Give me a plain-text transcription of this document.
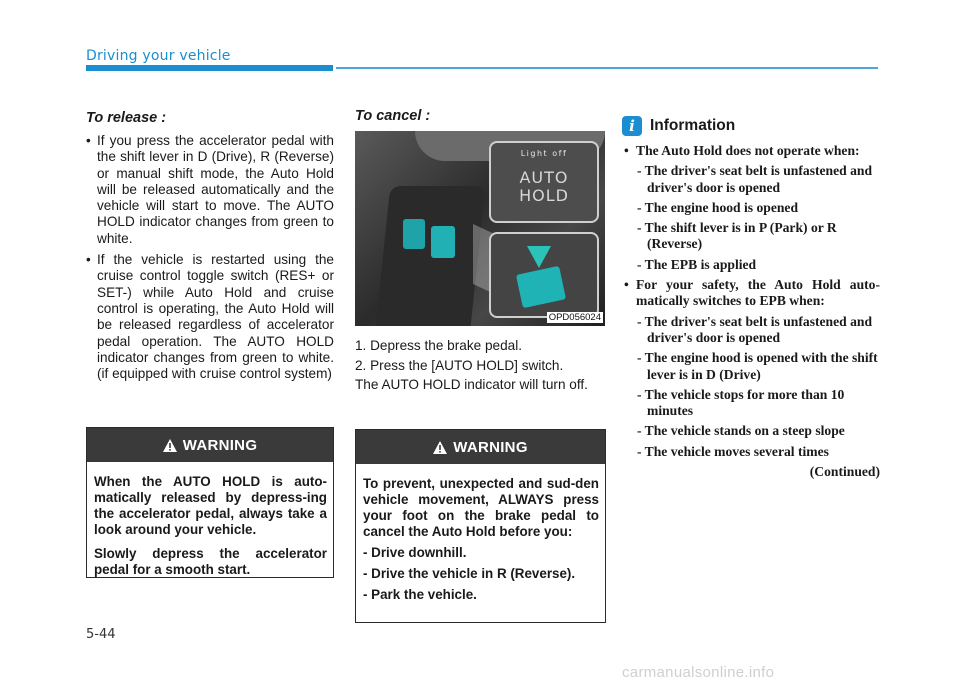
Driving your vehicle
To release :
• If you press the accelerator pedal with the shift lever in D (Drive), R (Reverse) or manual shift mode, the Auto Hold will be released automatically and the vehicle will start to move. The AUTO HOLD indicator changes from green to white.
• If the vehicle is restarted using the cruise control toggle switch (RES+ or SET-) while Auto Hold and cruise control is operating, the Auto Hold will be released regardless of accelerator pedal operation. The AUTO HOLD indicator changes from green to white. (if equipped with cruise control system)
WARNING

When the AUTO HOLD is auto-matically released by depress-ing the accelerator pedal, always take a look around your vehicle.

Slowly depress the accelerator pedal for a smooth start.

To cancel :
Light off
AUTO
HOLD
OPD056024
1. Depress the brake pedal.
2. Press the [AUTO HOLD] switch.
The AUTO HOLD indicator will turn off.
WARNING

To prevent, unexpected and sud-den vehicle movement, ALWAYS press your foot on the brake pedal to cancel the Auto Hold before you:

- Drive downhill.

- Drive the vehicle in R (Reverse).

- Park the vehicle.

i Information
• The Auto Hold does not operate when:
- The driver's seat belt is unfastened and driver's door is opened
- The engine hood is opened
- The shift lever is in P (Park) or R (Reverse)
- The EPB is applied
• For your safety, the Auto Hold auto-matically switches to EPB when:
- The driver's seat belt is unfastened and driver's door is opened
- The engine hood is opened with the shift lever is in D (Drive)
- The vehicle stops for more than 10 minutes
- The vehicle stands on a steep slope
- The vehicle moves several times
(Continued)
5-44
carmanualsonline.info
